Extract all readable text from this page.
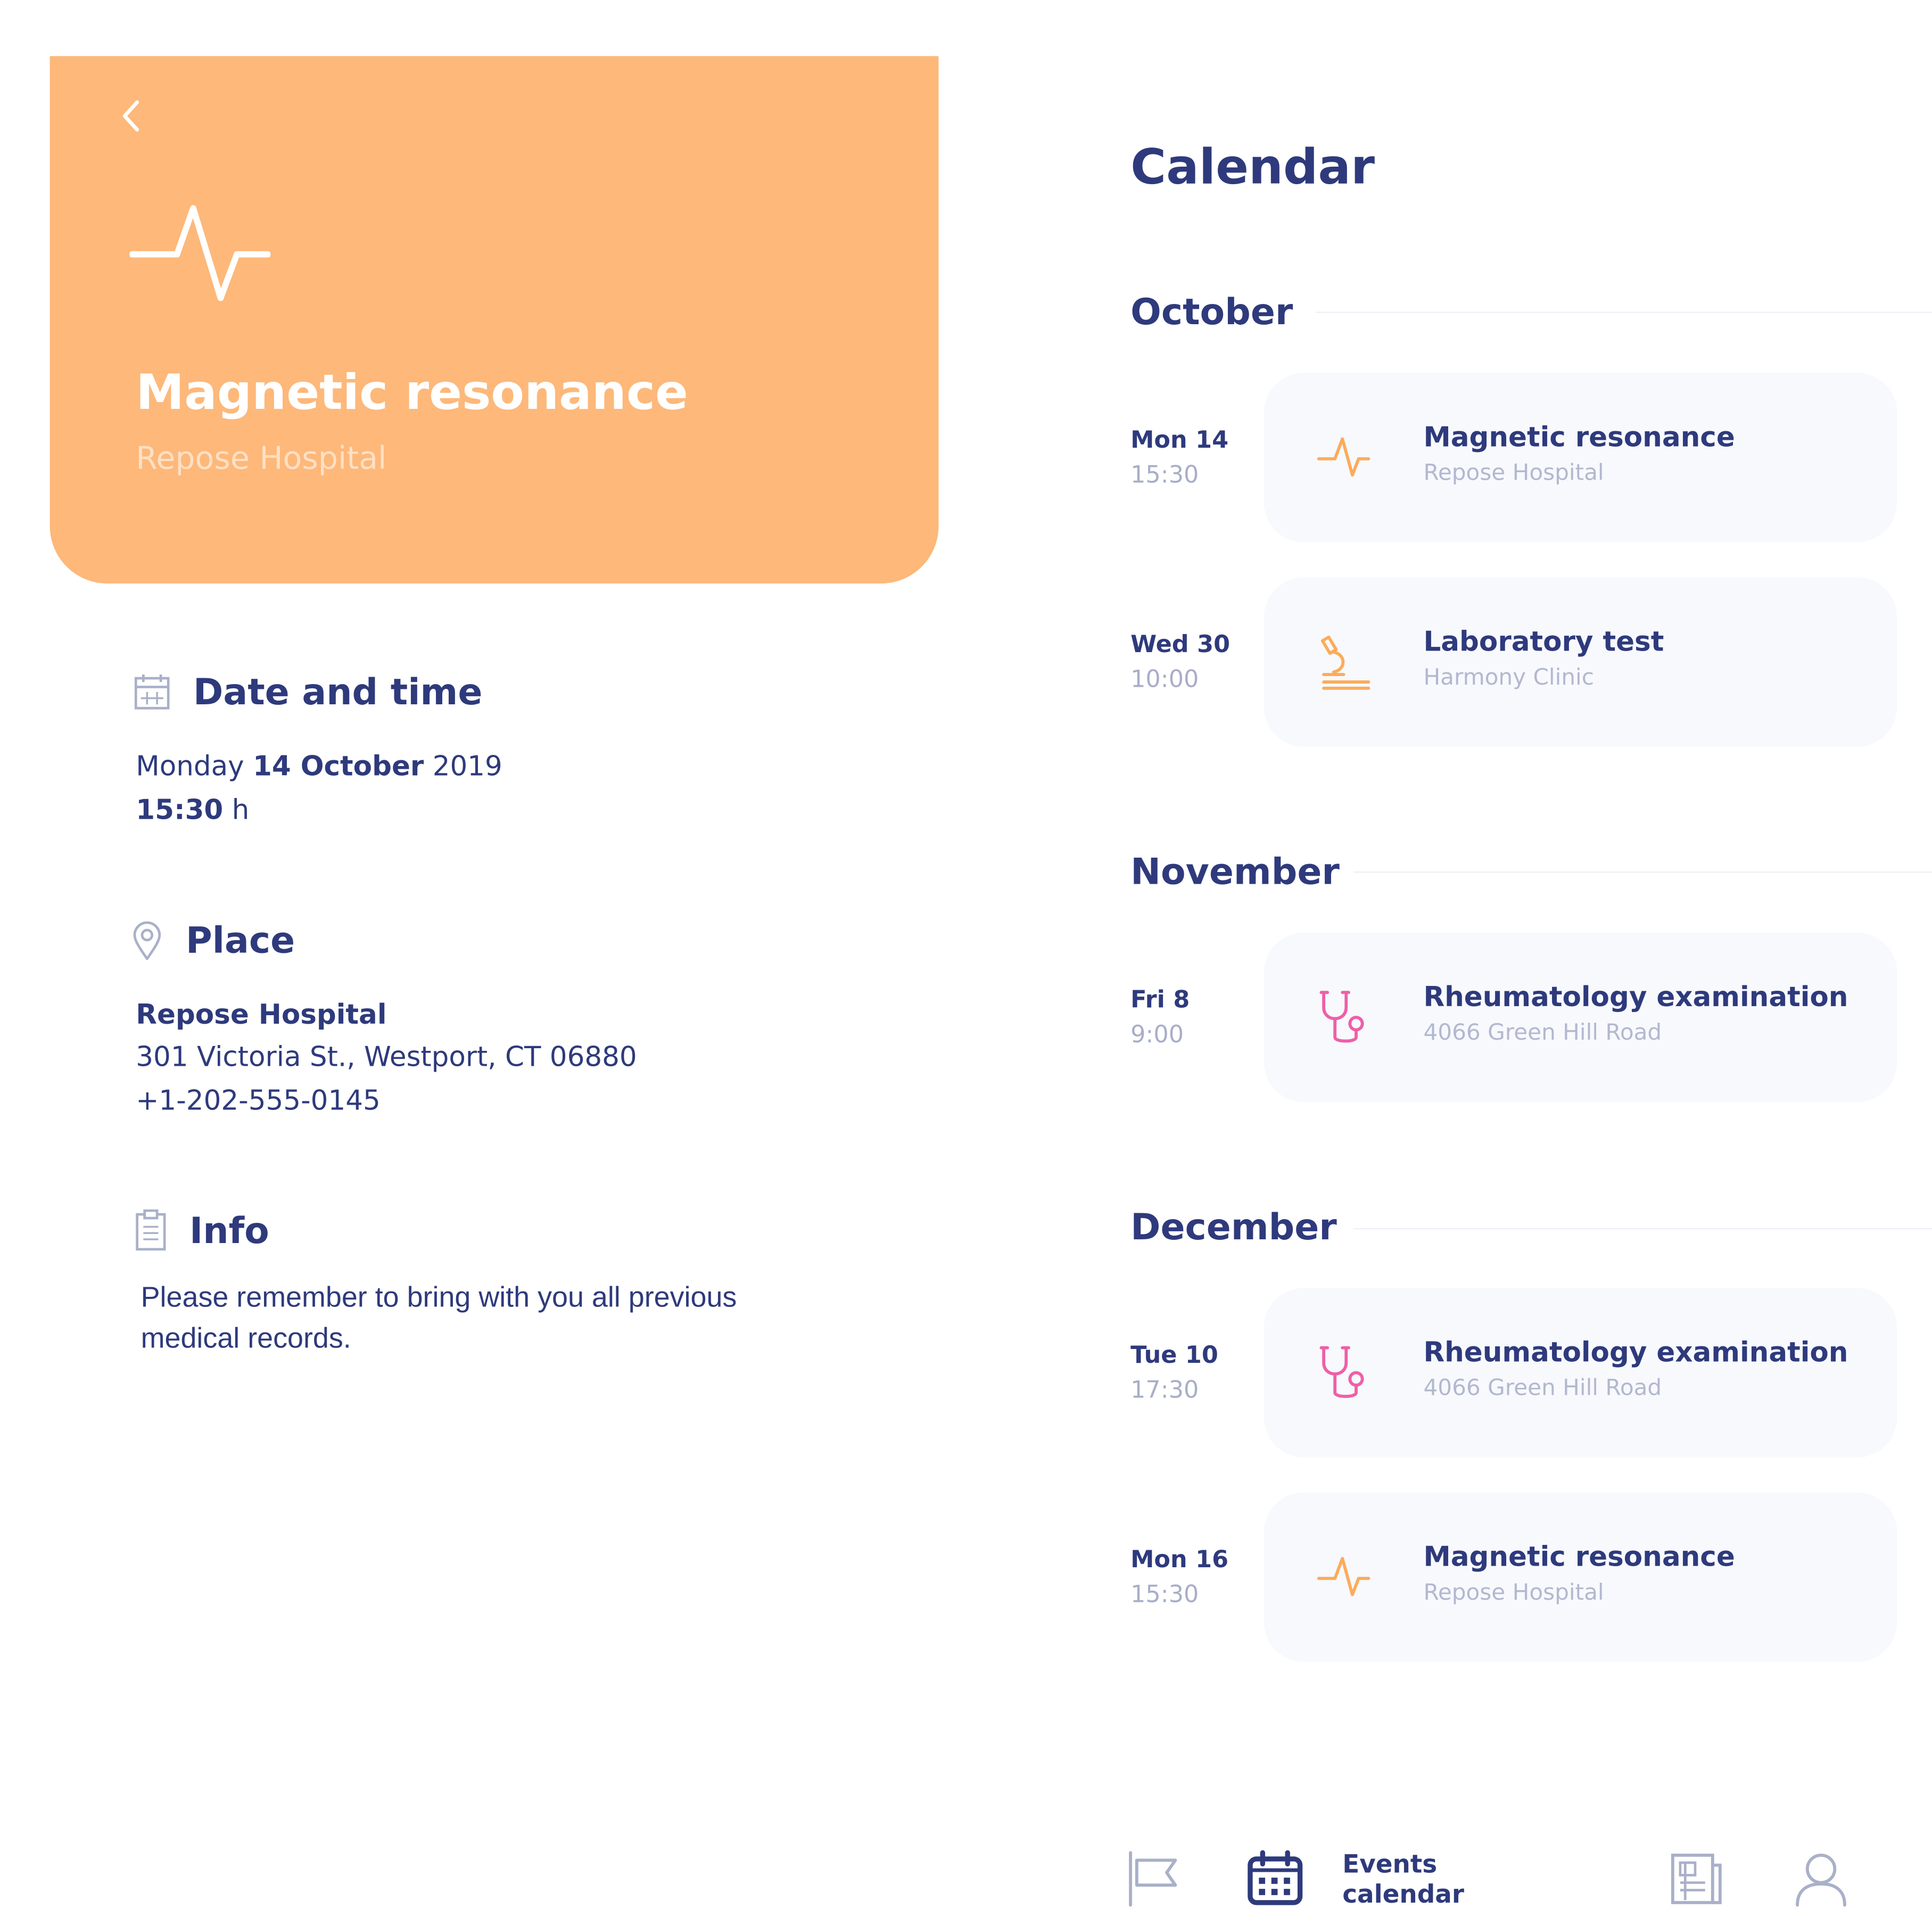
Magnetic resonance
Repose Hospital
Date and time
Monday 14 October 2019
15:30 h
Place
Repose Hospital
301 Victoria St., Westport, CT 06880
+1-202-555-0145
Info
Please remember to bring with you all previous
medical records.
Calendar
October
Mon 14
15:30
Magnetic resonance
Repose Hospital
Wed 30
10:00
Laboratory test
Harmony Clinic
November
Fri 8
9:00
Rheumatology examination
4066 Green Hill Road
December
Tue 10
17:30
Rheumatology examination
4066 Green Hill Road
Mon 16
15:30
Magnetic resonance
Repose Hospital
Events calendar
